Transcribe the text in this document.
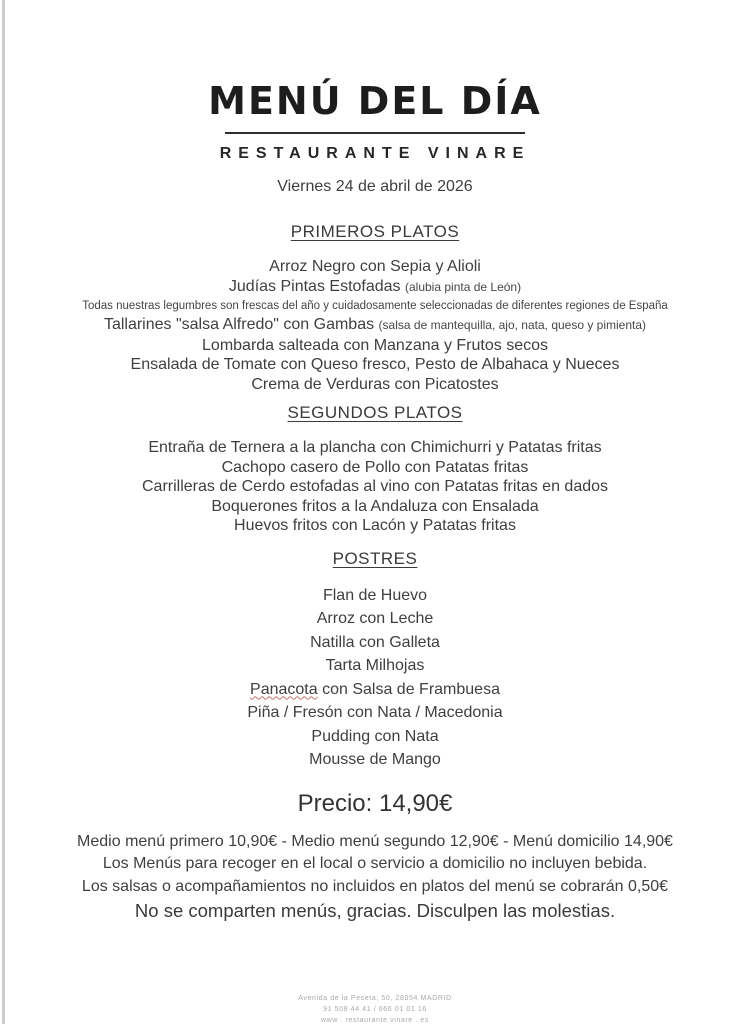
MENÚ DEL DÍA
RESTAURANTE VINARE
Viernes 24 de abril de 2026
PRIMEROS PLATOS

Arroz Negro con Sepia y Alioli

Judías Pintas Estofadas (alubia pinta de León)

Todas nuestras legumbres son frescas del año y cuidadosamente seleccionadas de diferentes regiones de España

Tallarines "salsa Alfredo" con Gambas (salsa de mantequilla, ajo, nata, queso y pimienta)

Lombarda salteada con Manzana y Frutos secos

Ensalada de Tomate con Queso fresco, Pesto de Albahaca y Nueces

Crema de Verduras con Picatostes

SEGUNDOS PLATOS

Entraña de Ternera a la plancha con Chimichurri y Patatas fritas

Cachopo casero de Pollo con Patatas fritas

Carrilleras de Cerdo estofadas al vino con Patatas fritas en dados

Boquerones fritos a la Andaluza con Ensalada

Huevos fritos con Lacón y Patatas fritas

POSTRES

Flan de Huevo

Arroz con Leche

Natilla con Galleta

Tarta Milhojas

Panacota con Salsa de Frambuesa

Piña / Fresón con Nata / Macedonia

Pudding con Nata

Mousse de Mango

Precio: 14,90€

Medio menú primero 10,90€ - Medio menú segundo 12,90€ - Menú domicilio 14,90€

Los Menús para recoger en el local o servicio a domicilio no incluyen bebida.

Los salsas o acompañamientos no incluidos en platos del menú se cobrarán 0,50€

No se comparten menús, gracias. Disculpen las molestias.

Avenida de la Peseta, 50, 28054 MADRID

91 508 44 41 / 666 01 01 16

www . restaurante vinare . es
